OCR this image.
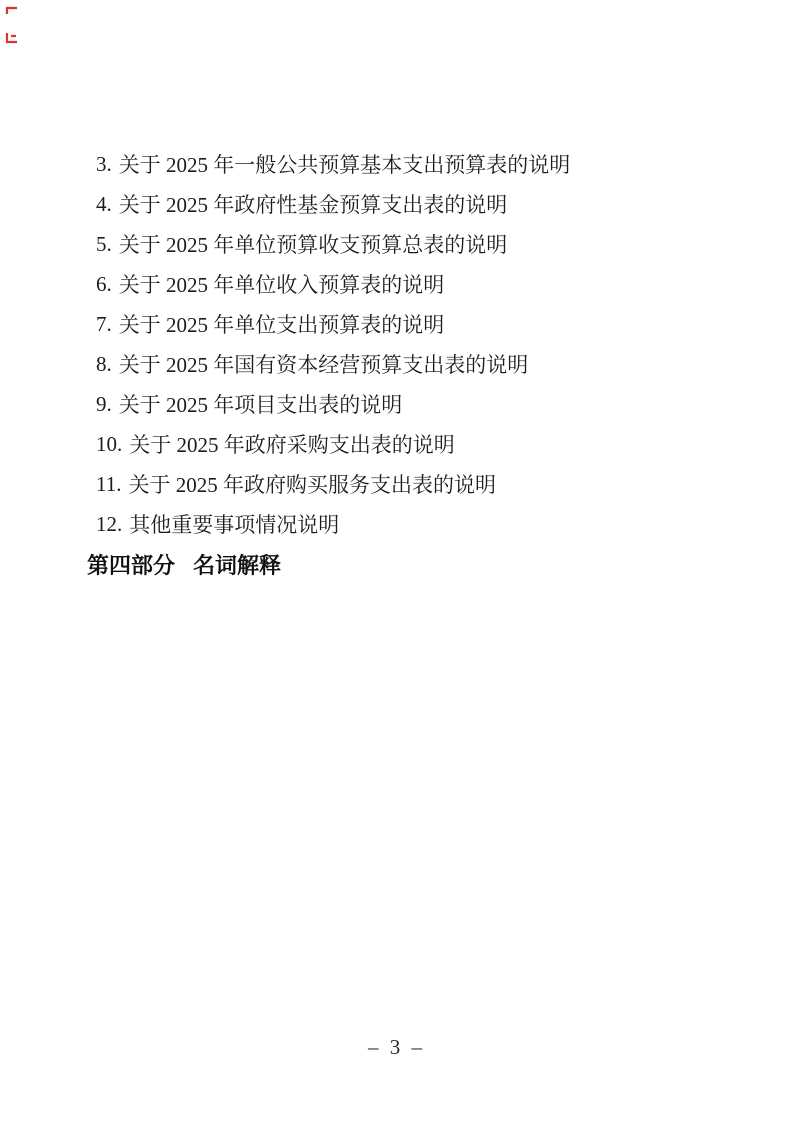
3. 关于 2025 年一般公共预算基本支出预算表的说明
4. 关于 2025 年政府性基金预算支出表的说明
5. 关于 2025 年单位预算收支预算总表的说明
6. 关于 2025 年单位收入预算表的说明
7. 关于 2025 年单位支出预算表的说明
8. 关于 2025 年国有资本经营预算支出表的说明
9. 关于 2025 年项目支出表的说明
10. 关于 2025 年政府采购支出表的说明
11. 关于 2025 年政府购买服务支出表的说明
12. 其他重要事项情况说明
第四部分 名词解释
– 3 –
